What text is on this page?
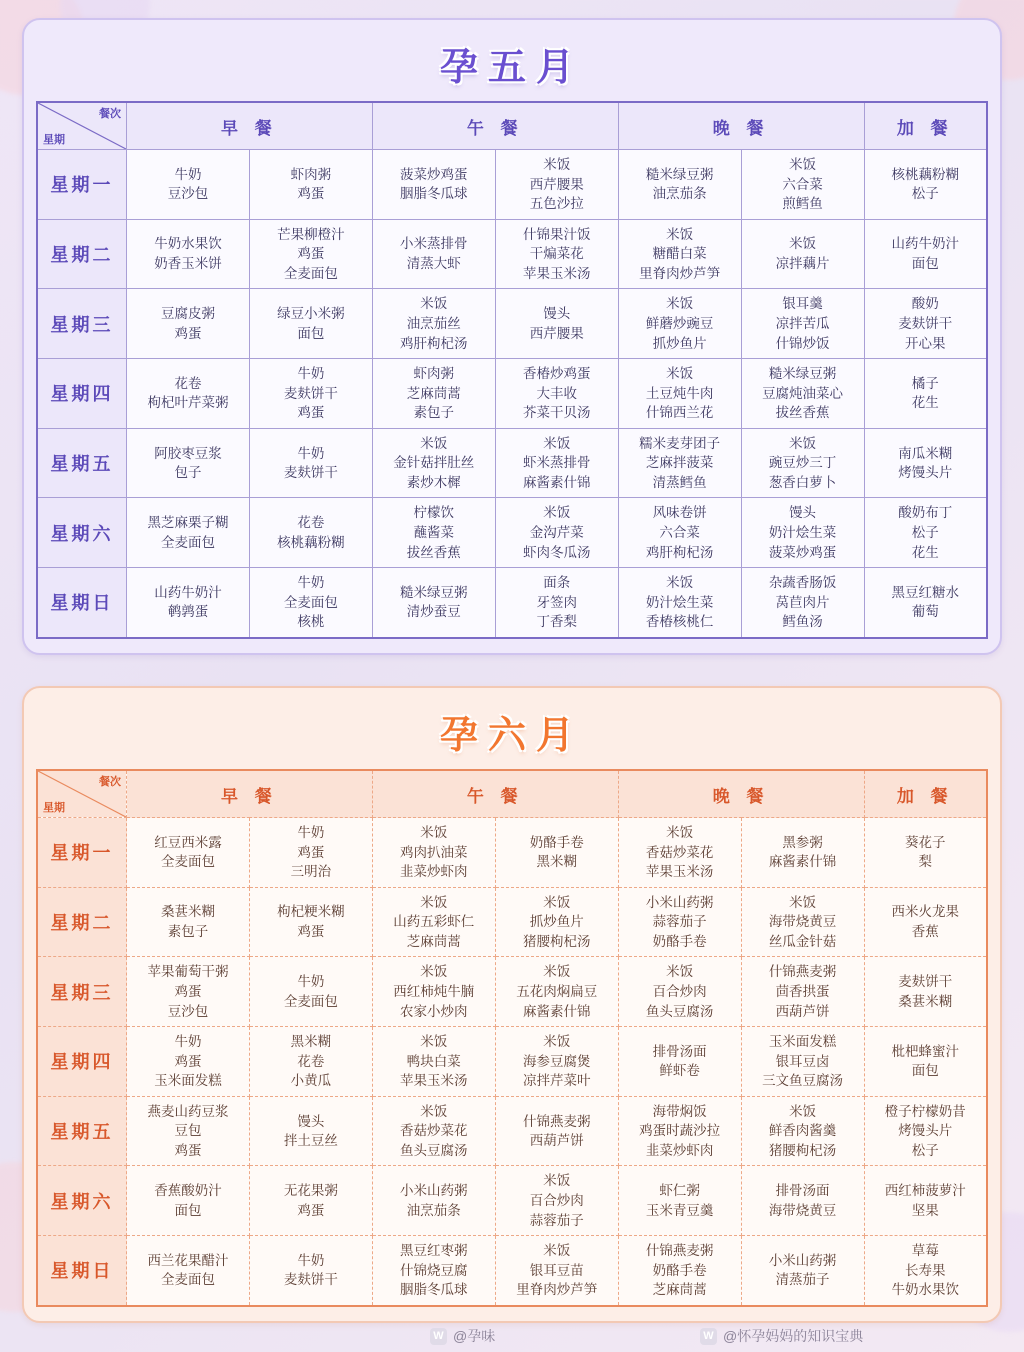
孕五月
餐次
星期	早 餐		午 餐		晚 餐		加 餐
星期一	
牛奶
豆沙包

虾肉粥
鸡蛋

菠菜炒鸡蛋
胭脂冬瓜球

米饭
西芹腰果
五色沙拉

糙米绿豆粥
油烹茄条

米饭
六合菜
煎鳕鱼

核桃藕粉糊
松子

星期二	
牛奶水果饮
奶香玉米饼

芒果柳橙汁
鸡蛋
全麦面包

小米蒸排骨
清蒸大虾

什锦果汁饭
干煸菜花
苹果玉米汤

米饭
糖醋白菜
里脊肉炒芦笋

米饭
凉拌藕片

山药牛奶汁
面包

星期三	
豆腐皮粥
鸡蛋

绿豆小米粥
面包

米饭
油烹茄丝
鸡肝枸杞汤

馒头
西芹腰果

米饭
鲜蘑炒豌豆
抓炒鱼片

银耳羹
凉拌苦瓜
什锦炒饭

酸奶
麦麸饼干
开心果

星期四	
花卷
枸杞叶芹菜粥

牛奶
麦麸饼干
鸡蛋

虾肉粥
芝麻茼蒿
素包子

香椿炒鸡蛋
大丰收
芥菜干贝汤

米饭
土豆炖牛肉
什锦西兰花

糙米绿豆粥
豆腐炖油菜心
拔丝香蕉

橘子
花生

星期五	
阿胶枣豆浆
包子

牛奶
麦麸饼干

米饭
金针菇拌肚丝
素炒木樨

米饭
虾米蒸排骨
麻酱素什锦

糯米麦芽团子
芝麻拌菠菜
清蒸鳕鱼

米饭
豌豆炒三丁
葱香白萝卜

南瓜米糊
烤馒头片

星期六	
黑芝麻栗子糊
全麦面包

花卷
核桃藕粉糊

柠檬饮
蘸酱菜
拔丝香蕉

米饭
金沟芹菜
虾肉冬瓜汤

风味卷饼
六合菜
鸡肝枸杞汤

馒头
奶汁烩生菜
菠菜炒鸡蛋

酸奶布丁
松子
花生

星期日	
山药牛奶汁
鹌鹑蛋

牛奶
全麦面包
核桃

糙米绿豆粥
清炒蚕豆

面条
牙签肉
丁香梨

米饭
奶汁烩生菜
香椿核桃仁

杂蔬香肠饭
莴苣肉片
鳕鱼汤

黑豆红糖水
葡萄
孕六月
餐次
星期	早 餐		午 餐		晚 餐		加 餐
星期一	
红豆西米露
全麦面包

牛奶
鸡蛋
三明治

米饭
鸡肉扒油菜
韭菜炒虾肉

奶酪手卷
黑米糊

米饭
香菇炒菜花
苹果玉米汤

黑参粥
麻酱素什锦

葵花子
梨

星期二	
桑葚米糊
素包子

枸杞粳米糊
鸡蛋

米饭
山药五彩虾仁
芝麻茼蒿

米饭
抓炒鱼片
猪腰枸杞汤

小米山药粥
蒜蓉茄子
奶酪手卷

米饭
海带烧黄豆
丝瓜金针菇

西米火龙果
香蕉

星期三	
苹果葡萄干粥
鸡蛋
豆沙包

牛奶
全麦面包

米饭
西红柿炖牛腩
农家小炒肉

米饭
五花肉焖扁豆
麻酱素什锦

米饭
百合炒肉
鱼头豆腐汤

什锦燕麦粥
茴香拱蛋
西葫芦饼

麦麸饼干
桑葚米糊

星期四	
牛奶
鸡蛋
玉米面发糕

黑米糊
花卷
小黄瓜

米饭
鸭块白菜
苹果玉米汤

米饭
海参豆腐煲
凉拌芹菜叶

排骨汤面
鲜虾卷

玉米面发糕
银耳豆卤
三文鱼豆腐汤

枇杷蜂蜜汁
面包

星期五	
燕麦山药豆浆
豆包
鸡蛋

馒头
拌土豆丝

米饭
香菇炒菜花
鱼头豆腐汤

什锦燕麦粥
西葫芦饼

海带焖饭
鸡蛋时蔬沙拉
韭菜炒虾肉

米饭
鲜香肉酱羹
猪腰枸杞汤

橙子柠檬奶昔
烤馒头片
松子

星期六	
香蕉酸奶汁
面包

无花果粥
鸡蛋

小米山药粥
油烹茄条

米饭
百合炒肉
蒜蓉茄子

虾仁粥
玉米青豆羹

排骨汤面
海带烧黄豆

西红柿菠萝汁
坚果

星期日	
西兰花果醋汁
全麦面包

牛奶
麦麸饼干

黑豆红枣粥
什锦烧豆腐
胭脂冬瓜球

米饭
银耳豆苗
里脊肉炒芦笋

什锦燕麦粥
奶酪手卷
芝麻茼蒿

小米山药粥
清蒸茄子

草莓
长寿果
牛奶水果饮
W @孕味	W @怀孕妈妈的知识宝典
